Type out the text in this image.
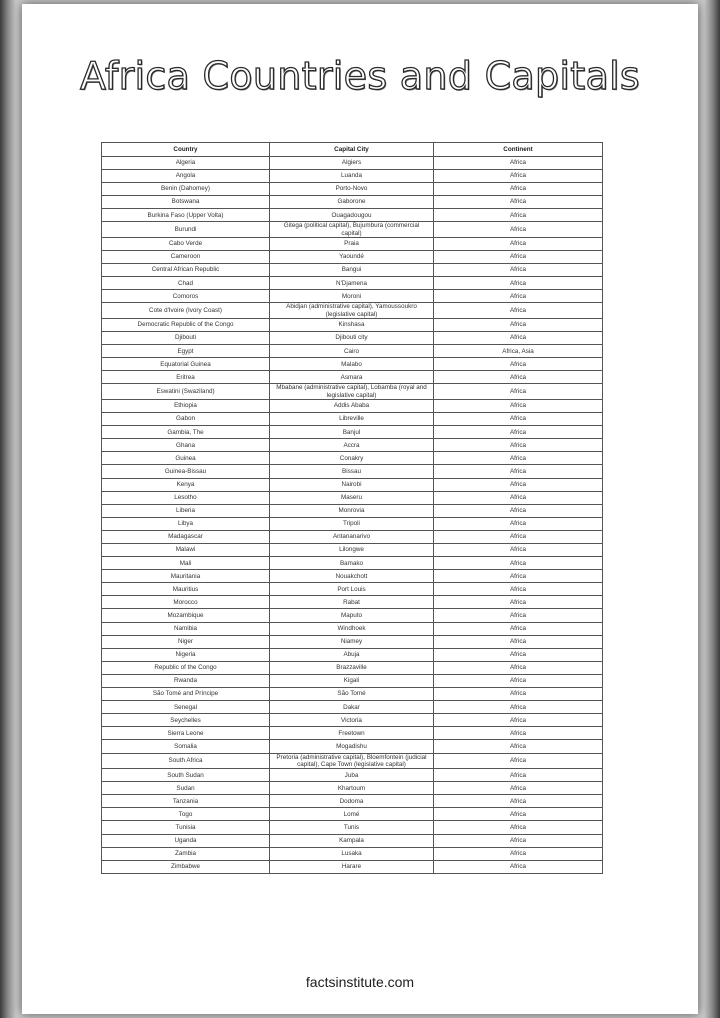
Africa Countries and Capitals
Country	Capital City	Continent
Algeria	Algiers	Africa
Angola	Luanda	Africa
Benin (Dahomey)	Porto-Novo	Africa
Botswana	Gaborone	Africa
Burkina Faso (Upper Volta)	Ouagadougou	Africa
Burundi	Gitega (political capital), Bujumbura (commercial capital)	Africa
Cabo Verde	Praia	Africa
Cameroon	Yaoundé	Africa
Central African Republic	Bangui	Africa
Chad	N'Djamena	Africa
Comoros	Moroni	Africa
Cote d'Ivoire (Ivory Coast)	Abidjan (administrative capital), Yamoussoukro (legislative capital)	Africa
Democratic Republic of the Congo	Kinshasa	Africa
Djibouti	Djibouti city	Africa
Egypt	Cairo	Africa, Asia
Equatorial Guinea	Malabo	Africa
Eritrea	Asmara	Africa
Eswatini (Swaziland)	Mbabane (administrative capital), Lobamba (royal and legislative capital)	Africa
Ethiopia	Addis Ababa	Africa
Gabon	Libreville	Africa
Gambia, The	Banjul	Africa
Ghana	Accra	Africa
Guinea	Conakry	Africa
Guinea-Bissau	Bissau	Africa
Kenya	Nairobi	Africa
Lesotho	Maseru	Africa
Liberia	Monrovia	Africa
Libya	Tripoli	Africa
Madagascar	Antananarivo	Africa
Malawi	Lilongwe	Africa
Mali	Bamako	Africa
Mauritania	Nouakchott	Africa
Mauritius	Port Louis	Africa
Morocco	Rabat	Africa
Mozambique	Maputo	Africa
Namibia	Windhoek	Africa
Niger	Niamey	Africa
Nigeria	Abuja	Africa
Republic of the Congo	Brazzaville	Africa
Rwanda	Kigali	Africa
São Tomé and Príncipe	São Tomé	Africa
Senegal	Dakar	Africa
Seychelles	Victoria	Africa
Sierra Leone	Freetown	Africa
Somalia	Mogadishu	Africa
South Africa	Pretoria (administrative capital), Bloemfontein (judicial capital), Cape Town (legislative capital)	Africa
South Sudan	Juba	Africa
Sudan	Khartoum	Africa
Tanzania	Dodoma	Africa
Togo	Lomé	Africa
Tunisia	Tunis	Africa
Uganda	Kampala	Africa
Zambia	Lusaka	Africa
Zimbabwe	Harare	Africa
factsinstitute.com
